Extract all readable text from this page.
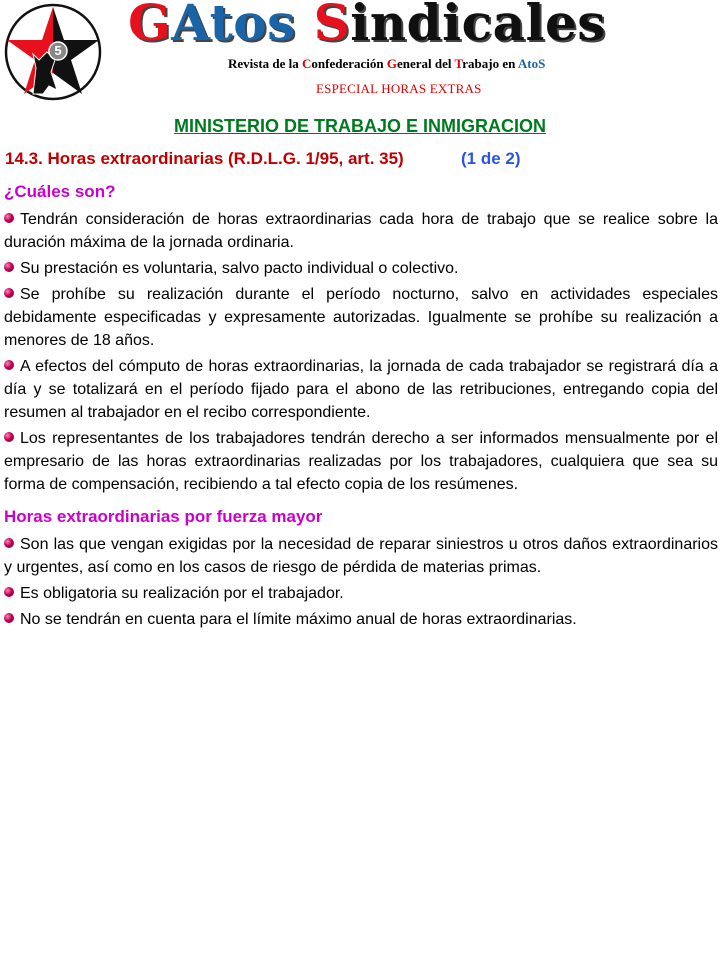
5 GAtos Sindicales
Revista de la Confederación General del Trabajo en AtoS
ESPECIAL HORAS EXTRAS
MINISTERIO DE TRABAJO E INMIGRACION
14.3. Horas extraordinarias (R.D.L.G. 1/95, art. 35)	(1 de 2)
¿Cuáles son?

Tendrán consideración de horas extraordinarias cada hora de trabajo que se realice sobre la duración máxima de la jornada ordinaria.

Su prestación es voluntaria, salvo pacto individual o colectivo.

Se prohíbe su realización durante el período nocturno, salvo en actividades especiales debidamente especificadas y expresamente autorizadas. Igualmente se prohíbe su realización a menores de 18 años.

A efectos del cómputo de horas extraordinarias, la jornada de cada trabajador se registrará día a día y se totalizará en el período fijado para el abono de las retribuciones, entregando copia del resumen al trabajador en el recibo correspondiente.

Los representantes de los trabajadores tendrán derecho a ser informados mensualmente por el empresario de las horas extraordinarias realizadas por los trabajadores, cualquiera que sea su forma de compensación, recibiendo a tal efecto copia de los resúmenes.

Horas extraordinarias por fuerza mayor

Son las que vengan exigidas por la necesidad de reparar siniestros u otros daños extraordinarios y urgentes, así como en los casos de riesgo de pérdida de materias primas.

Es obligatoria su realización por el trabajador.

No se tendrán en cuenta para el límite máximo anual de horas extraordinarias.
